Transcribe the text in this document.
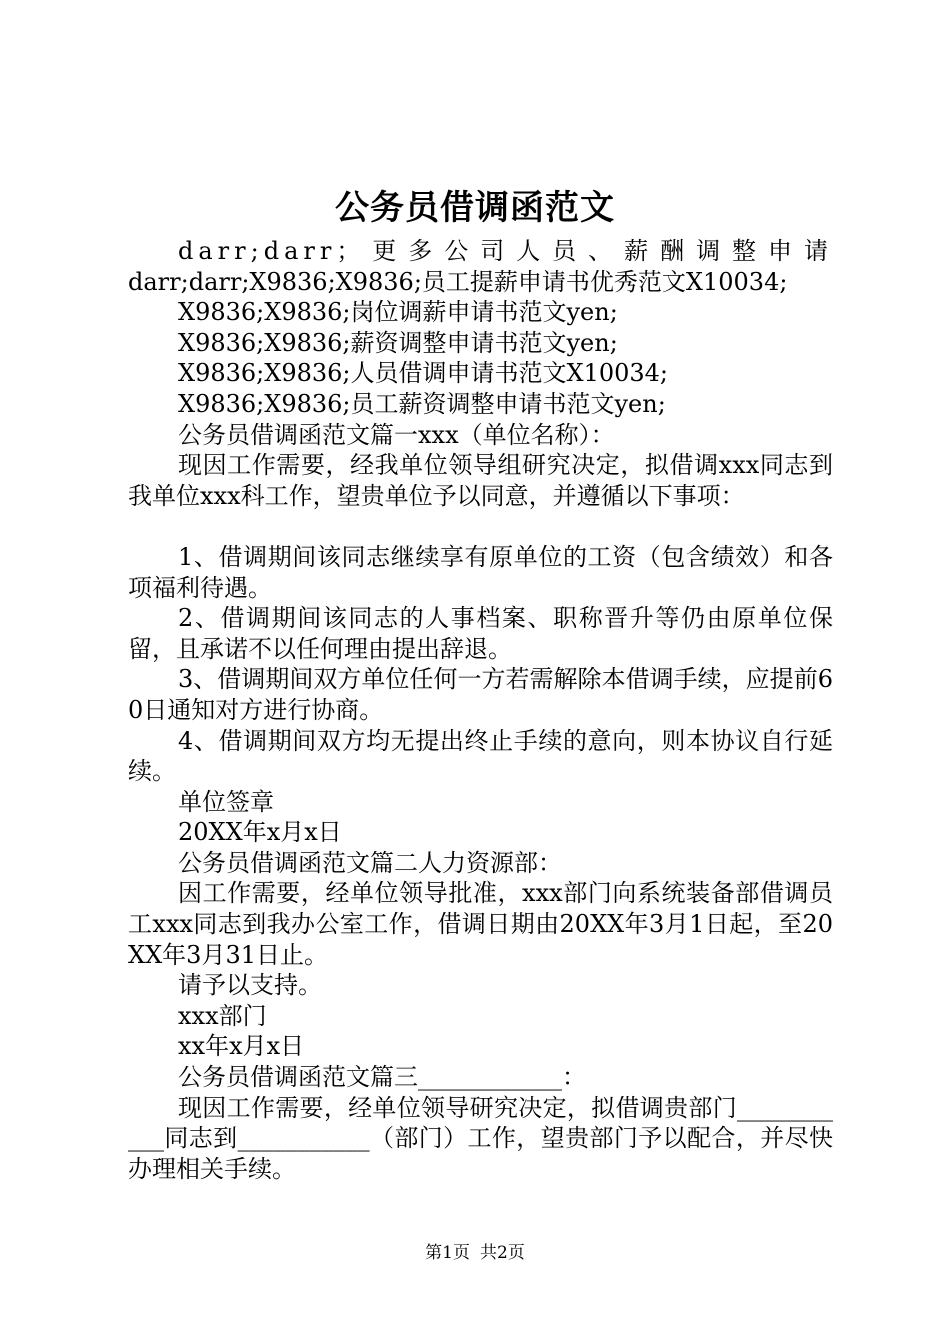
公务员借调函范文

darr;darr；更多公司人员、薪酬调整申请

darr;darr;X9836;X9836;员工提薪申请书优秀范文X10034;

X9836;X9836;岗位调薪申请书范文yen;

X9836;X9836;薪资调整申请书范文yen;

X9836;X9836;人员借调申请书范文X10034;

X9836;X9836;员工薪资调整申请书范文yen;

公务员借调函范文篇一xxx（单位名称）：

现因工作需要，经我单位领导组研究决定，拟借调xxx同志到我单位xxx科工作，望贵单位予以同意，并遵循以下事项：

1、借调期间该同志继续享有原单位的工资（包含绩效）和各项福利待遇。

2、借调期间该同志的人事档案、职称晋升等仍由原单位保留，且承诺不以任何理由提出辞退。

3、借调期间双方单位任何一方若需解除本借调手续，应提前60日通知对方进行协商。

4、借调期间双方均无提出终止手续的意向，则本协议自行延续。

单位签章

20XX年x月x日

公务员借调函范文篇二人力资源部：

因工作需要，经单位领导批准，xxx部门向系统装备部借调员工xxx同志到我办公室工作，借调日期由20XX年3月1日起，至20XX年3月31日止。

请予以支持。

xxx部门

xx年x月x日

公务员借调函范文篇三____________：

现因工作需要，经单位领导研究决定，拟借调贵部门___________同志到___________（部门）工作，望贵部门予以配合，并尽快办理相关手续。

第1页 共2页
